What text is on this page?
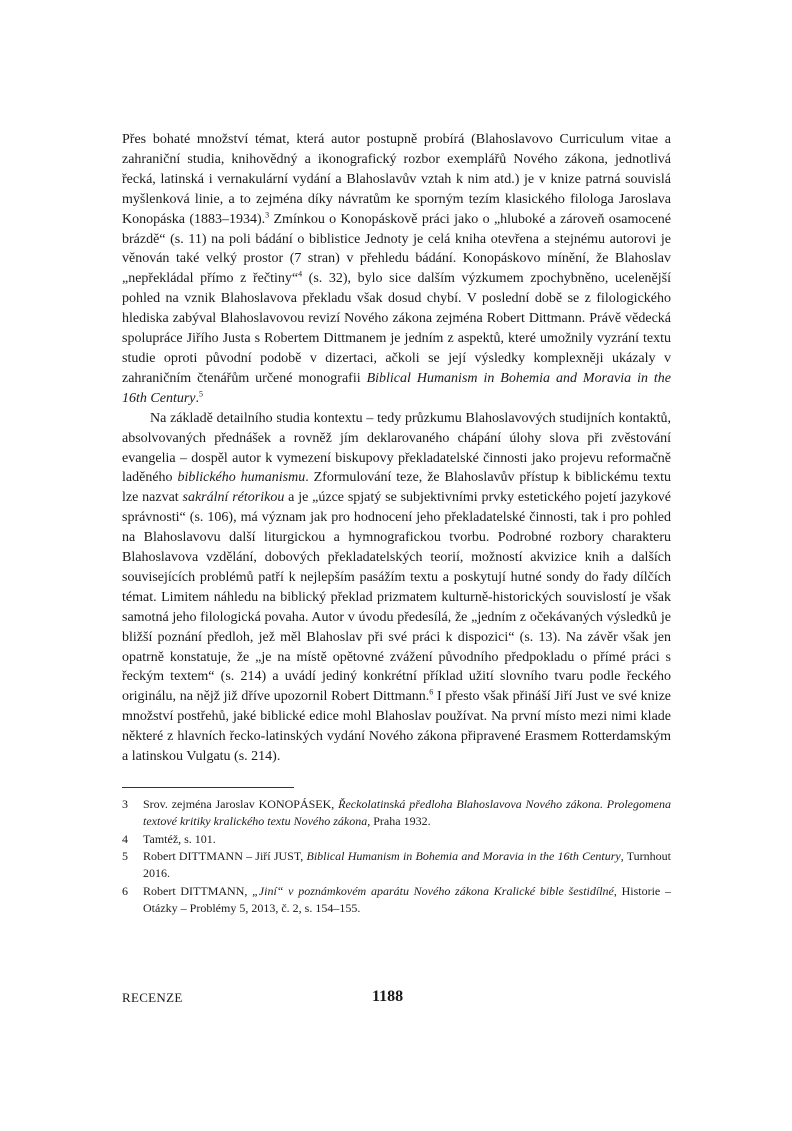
Přes bohaté množství témat, která autor postupně probírá (Blahoslavovo Curriculum vitae a zahraniční studia, knihovědný a ikonografický rozbor exemplářů Nového zákona, jednotlivá řecká, latinská i vernakulární vydání a Blahoslavův vztah k nim atd.) je v knize patrná souvislá myšlenková linie, a to zejména díky návratům ke sporným tezím klasického filologa Jaroslava Konopáska (1883–1934).$^3$ Zmínkou o Konopáskově práci jako o „hluboké a zároveň osamocené brázdě“ (s. 11) na poli bádání o biblistice Jednoty je celá kniha otevřena a stejnému autorovi je věnován také velký prostor (7 stran) v přehledu bádání. Konopáskovo mínění, že Blahoslav „nepřekládal přímo z řečtiny“$^4$ (s. 32), bylo sice dalším výzkumem zpochybněno, ucelenější pohled na vznik Blahoslavova překladu však dosud chybí. V poslední době se z filologického hlediska zabýval Blahoslavovou revizí Nového zákona zejména Robert Dittmann. Právě vědecká spolupráce Jiřího Justa s Robertem Dittmanem je jedním z aspektů, které umožnily vyzrání textu studie oproti původní podobě v dizertaci, ačkoli se její výsledky komplexněji ukázaly v zahraničním čtenářům určené monografii Biblical Humanism in Bohemia and Moravia in the 16th Century.$^5$

Na základě detailního studia kontextu – tedy průzkumu Blahoslavových studijních kontaktů, absolvovaných přednášek a rovněž jím deklarovaného chápání úlohy slova při zvěstování evangelia – dospěl autor k vymezení biskupovy překladatelské činnosti jako projevu reformačně laděného biblického humanismu. Zformulování teze, že Blahoslavův přístup k biblickému textu lze nazvat sakrální rétorikou a je „úzce spjatý se subjektivními prvky estetického pojetí jazykové správnosti“ (s. 106), má význam jak pro hodnocení jeho překladatelské činnosti, tak i pro pohled na Blahoslavovu další liturgickou a hymnografickou tvorbu. Podrobné rozbory charakteru Blahoslavova vzdělání, dobových překladatelských teorií, možností akvizice knih a dalších souvisejících problémů patří k nejlepším pasážím textu a poskytují hutné sondy do řady dílčích témat. Limitem náhledu na biblický překlad prizmatem kulturně-historických souvislostí je však samotná jeho filologická povaha. Autor v úvodu předesílá, že „jedním z očekávaných výsledků je bližší poznání předloh, jež měl Blahoslav při své práci k dispozici“ (s. 13). Na závěr však jen opatrně konstatuje, že „je na místě opětovné zvážení původního předpokladu o přímé práci s řeckým textem“ (s. 214) a uvádí jediný konkrétní příklad užití slovního tvaru podle řeckého originálu, na nějž již dříve upozornil Robert Dittmann.$^6$ I přesto však přináší Jiří Just ve své knize množství postřehů, jaké biblické edice mohl Blahoslav používat. Na první místo mezi nimi klade některé z hlavních řecko-latinských vydání Nového zákona připravené Erasmem Rotterdamským a latinskou Vulgatu (s. 214).

3	Srov. zejména Jaroslav KONOPÁSEK, Řeckolatinská předloha Blahoslavova Nového zákona. Prolegomena textové kritiky kralického textu Nového zákona, Praha 1932.
4	Tamtéž, s. 101.
5	Robert DITTMANN – Jiří JUST, Biblical Humanism in Bohemia and Moravia in the 16th Century, Turnhout 2016.
6	Robert DITTMANN, „Jiní“ v poznámkovém aparátu Nového zákona Kralické bible šestidílné, Historie – Otázky – Problémy 5, 2013, č. 2, s. 154–155.
RECENZE	1188
